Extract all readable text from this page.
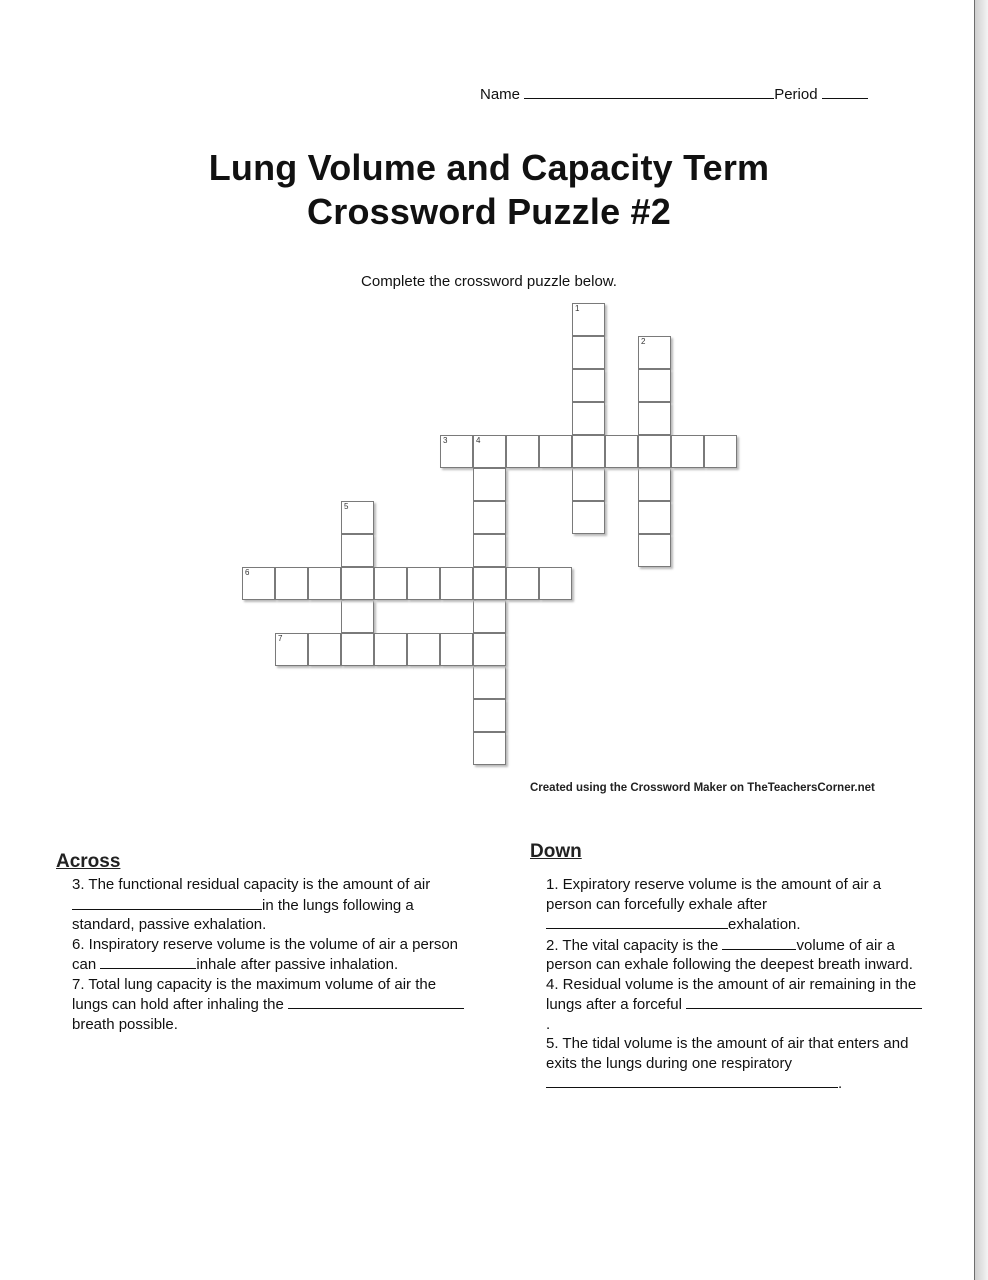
Name	Period
Lung Volume and Capacity Term
Crossword Puzzle #2
Complete the crossword puzzle below.
1
2
3	4
5
6
7
Created using the Crossword Maker on TheTeachersCorner.net
Across	Down

3. The functional residual capacity is the amount of air in the lungs following a standard, passive exhalation.

6. Inspiratory reserve volume is the volume of air a person can	inhale after passive inhalation.

7. Total lung capacity is the maximum volume of air the lungs can hold after inhaling the breath possible.

1. Expiratory reserve volume is the amount of air a person can forcefully exhale after exhalation.

2. The vital capacity is the	volume of air a person can exhale following the deepest breath inward.

4. Residual volume is the amount of air remaining in the lungs after a forceful .

5. The tidal volume is the amount of air that enters and exits the lungs during one respiratory .
